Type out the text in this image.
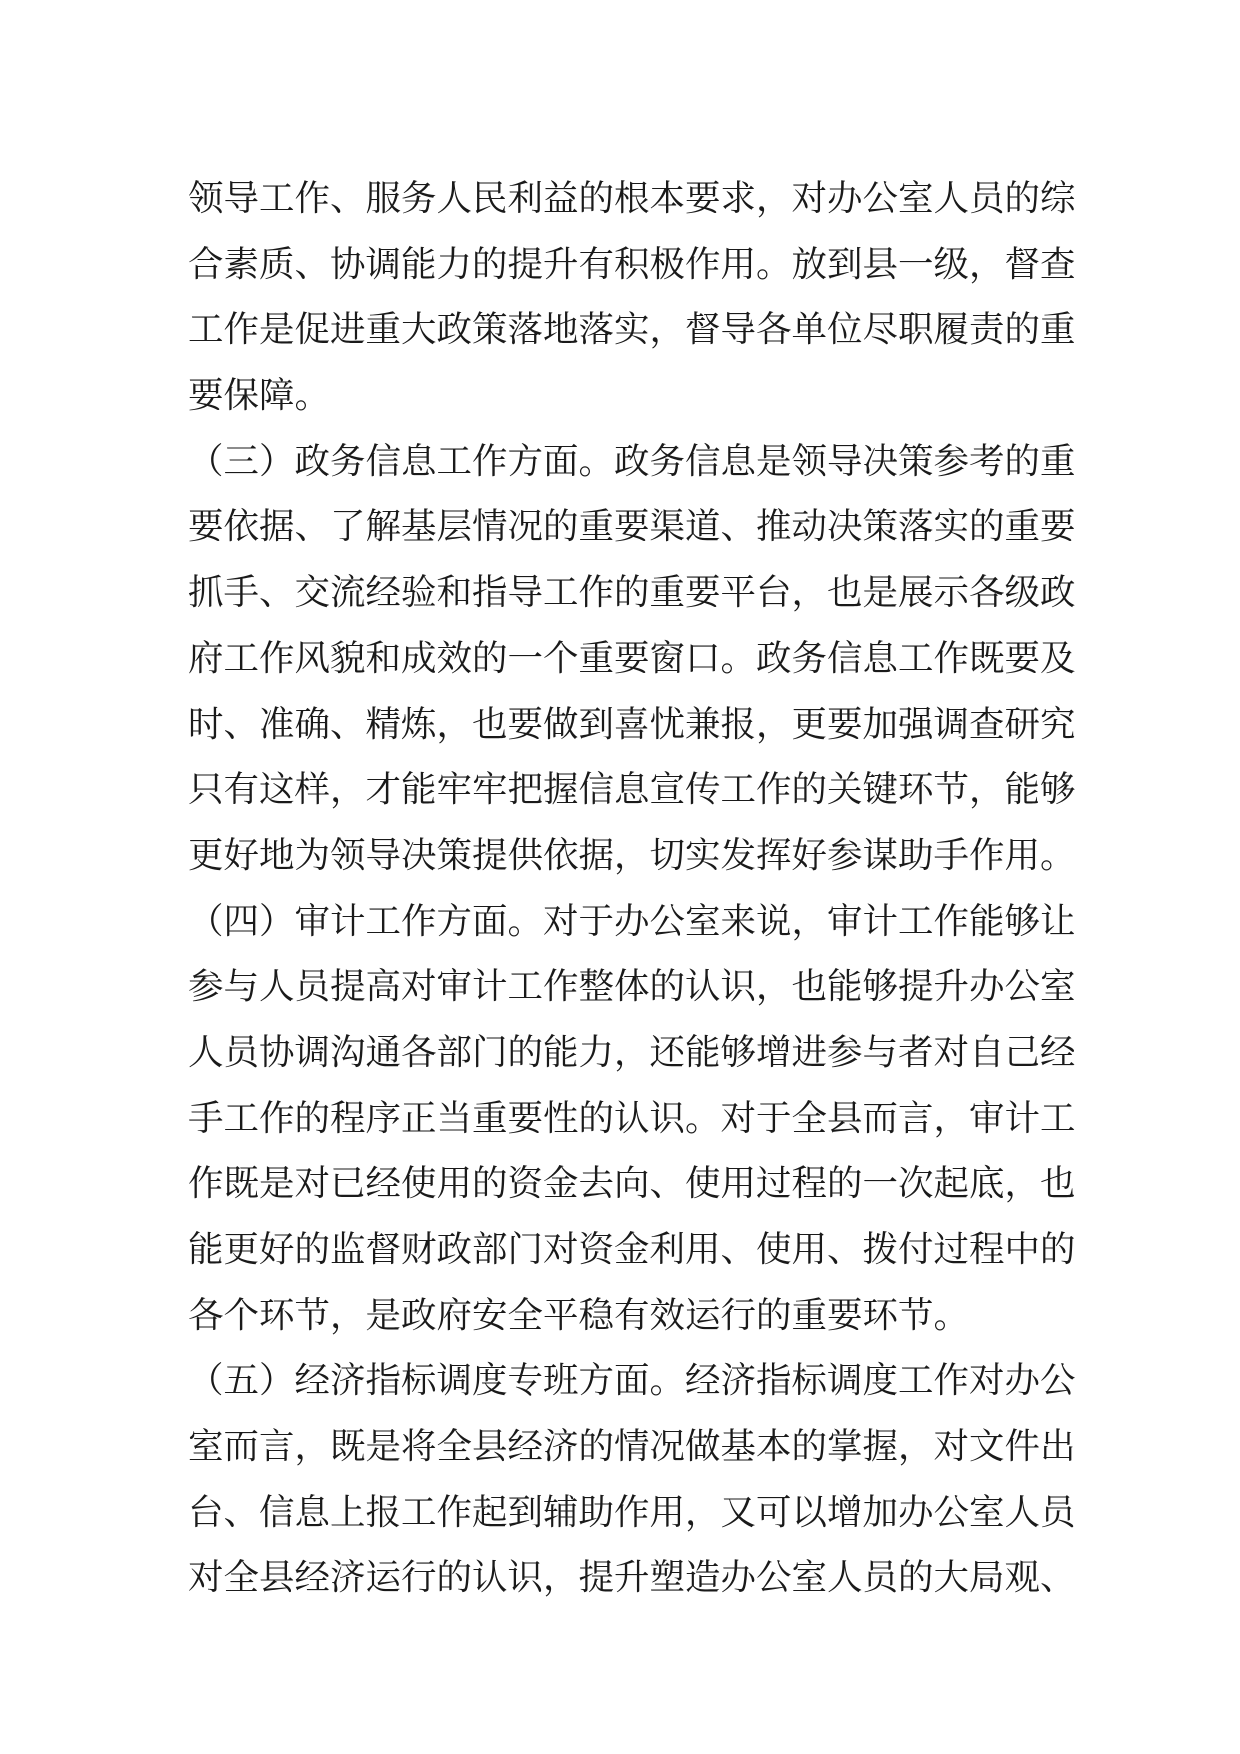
领导工作、服务人民利益的根本要求，对办公室人员的综
合素质、协调能力的提升有积极作用。放到县一级，督查
工作是促进重大政策落地落实，督导各单位尽职履责的重
要保障。
（三）政务信息工作方面。政务信息是领导决策参考的重
要依据、了解基层情况的重要渠道、推动决策落实的重要
抓手、交流经验和指导工作的重要平台，也是展示各级政
府工作风貌和成效的一个重要窗口。政务信息工作既要及
时、准确、精炼，也要做到喜忧兼报，更要加强调查研究
只有这样，才能牢牢把握信息宣传工作的关键环节，能够
更好地为领导决策提供依据，切实发挥好参谋助手作用。
（四）审计工作方面。对于办公室来说，审计工作能够让
参与人员提高对审计工作整体的认识，也能够提升办公室
人员协调沟通各部门的能力，还能够增进参与者对自己经
手工作的程序正当重要性的认识。对于全县而言，审计工
作既是对已经使用的资金去向、使用过程的一次起底，也
能更好的监督财政部门对资金利用、使用、拨付过程中的
各个环节，是政府安全平稳有效运行的重要环节。
（五）经济指标调度专班方面。经济指标调度工作对办公
室而言，既是将全县经济的情况做基本的掌握，对文件出
台、信息上报工作起到辅助作用，又可以增加办公室人员
对全县经济运行的认识，提升塑造办公室人员的大局观、
